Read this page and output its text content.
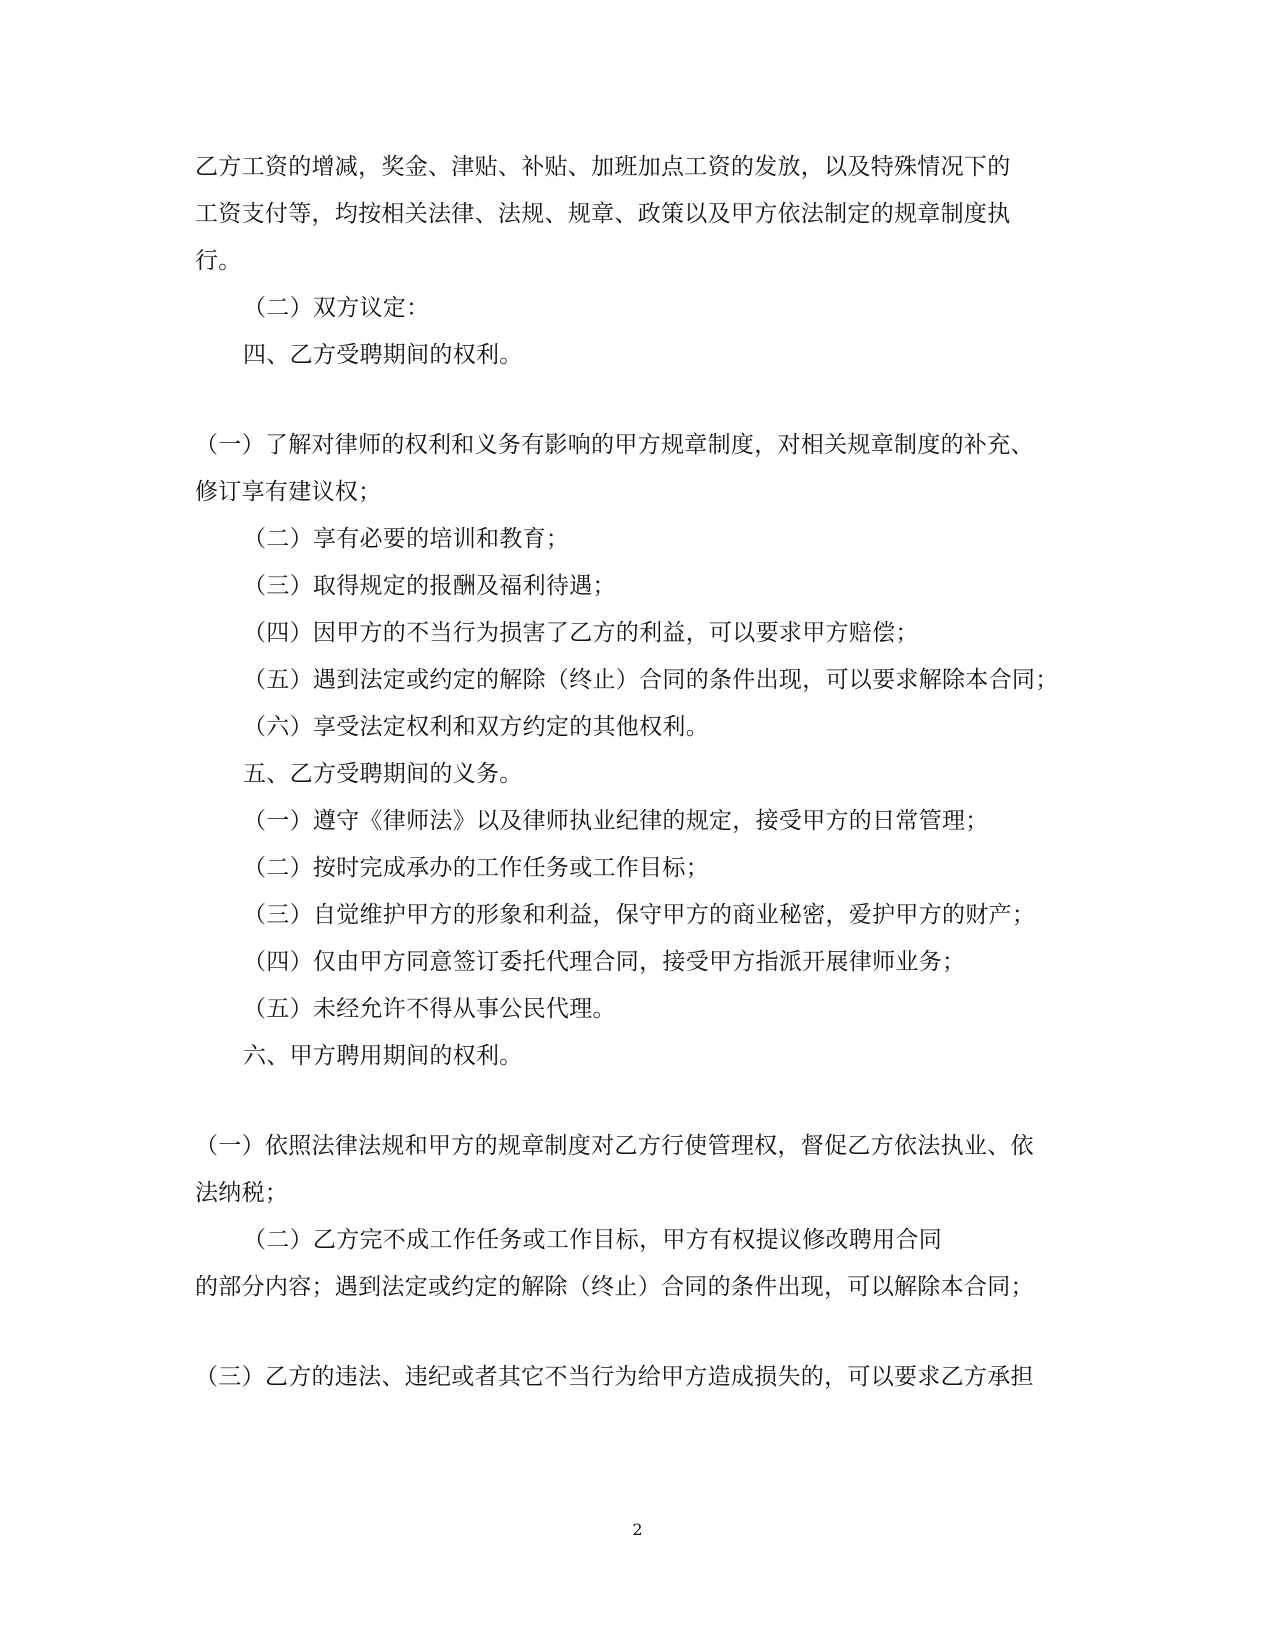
乙方工资的增减，奖金、津贴、补贴、加班加点工资的发放，以及特殊情况下的
工资支付等，均按相关法律、法规、规章、政策以及甲方依法制定的规章制度执
行。
（二）双方议定：
四、乙方受聘期间的权利。
（一）了解对律师的权利和义务有影响的甲方规章制度，对相关规章制度的补充、
修订享有建议权；
（二）享有必要的培训和教育；
（三）取得规定的报酬及福利待遇；
（四）因甲方的不当行为损害了乙方的利益，可以要求甲方赔偿；
（五）遇到法定或约定的解除（终止）合同的条件出现，可以要求解除本合同；
（六）享受法定权利和双方约定的其他权利。
五、乙方受聘期间的义务。
（一）遵守《律师法》以及律师执业纪律的规定，接受甲方的日常管理；
（二）按时完成承办的工作任务或工作目标；
（三）自觉维护甲方的形象和利益，保守甲方的商业秘密，爱护甲方的财产；
（四）仅由甲方同意签订委托代理合同，接受甲方指派开展律师业务；
（五）未经允许不得从事公民代理。
六、甲方聘用期间的权利。
（一）依照法律法规和甲方的规章制度对乙方行使管理权，督促乙方依法执业、依
法纳税；
（二）乙方完不成工作任务或工作目标，甲方有权提议修改聘用合同
的部分内容；遇到法定或约定的解除（终止）合同的条件出现，可以解除本合同；
（三）乙方的违法、违纪或者其它不当行为给甲方造成损失的，可以要求乙方承担
2
